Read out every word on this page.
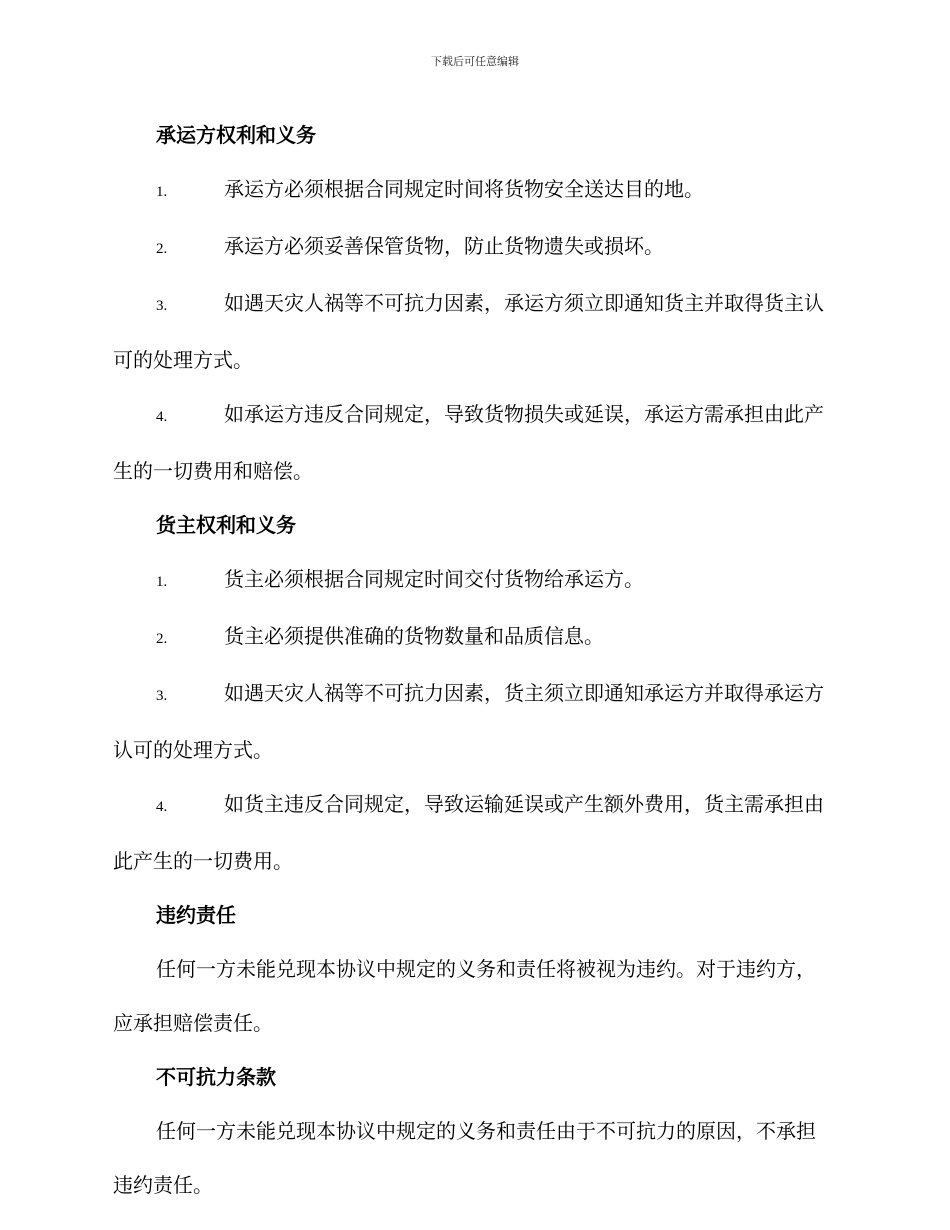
下载后可任意编辑

承运方权利和义务

1.	承运方必须根据合同规定时间将货物安全送达目的地。

2.	承运方必须妥善保管货物，防止货物遗失或损坏。

3.	如遇天灾人祸等不可抗力因素，承运方须立即通知货主并取得货主认可的处理方式。

4.	如承运方违反合同规定，导致货物损失或延误，承运方需承担由此产生的一切费用和赔偿。

货主权利和义务

1.	货主必须根据合同规定时间交付货物给承运方。

2.	货主必须提供准确的货物数量和品质信息。

3.	如遇天灾人祸等不可抗力因素，货主须立即通知承运方并取得承运方认可的处理方式。

4.	如货主违反合同规定，导致运输延误或产生额外费用，货主需承担由此产生的一切费用。

违约责任

任何一方未能兑现本协议中规定的义务和责任将被视为违约。对于违约方，应承担赔偿责任。

不可抗力条款

任何一方未能兑现本协议中规定的义务和责任由于不可抗力的原因，不承担违约责任。
